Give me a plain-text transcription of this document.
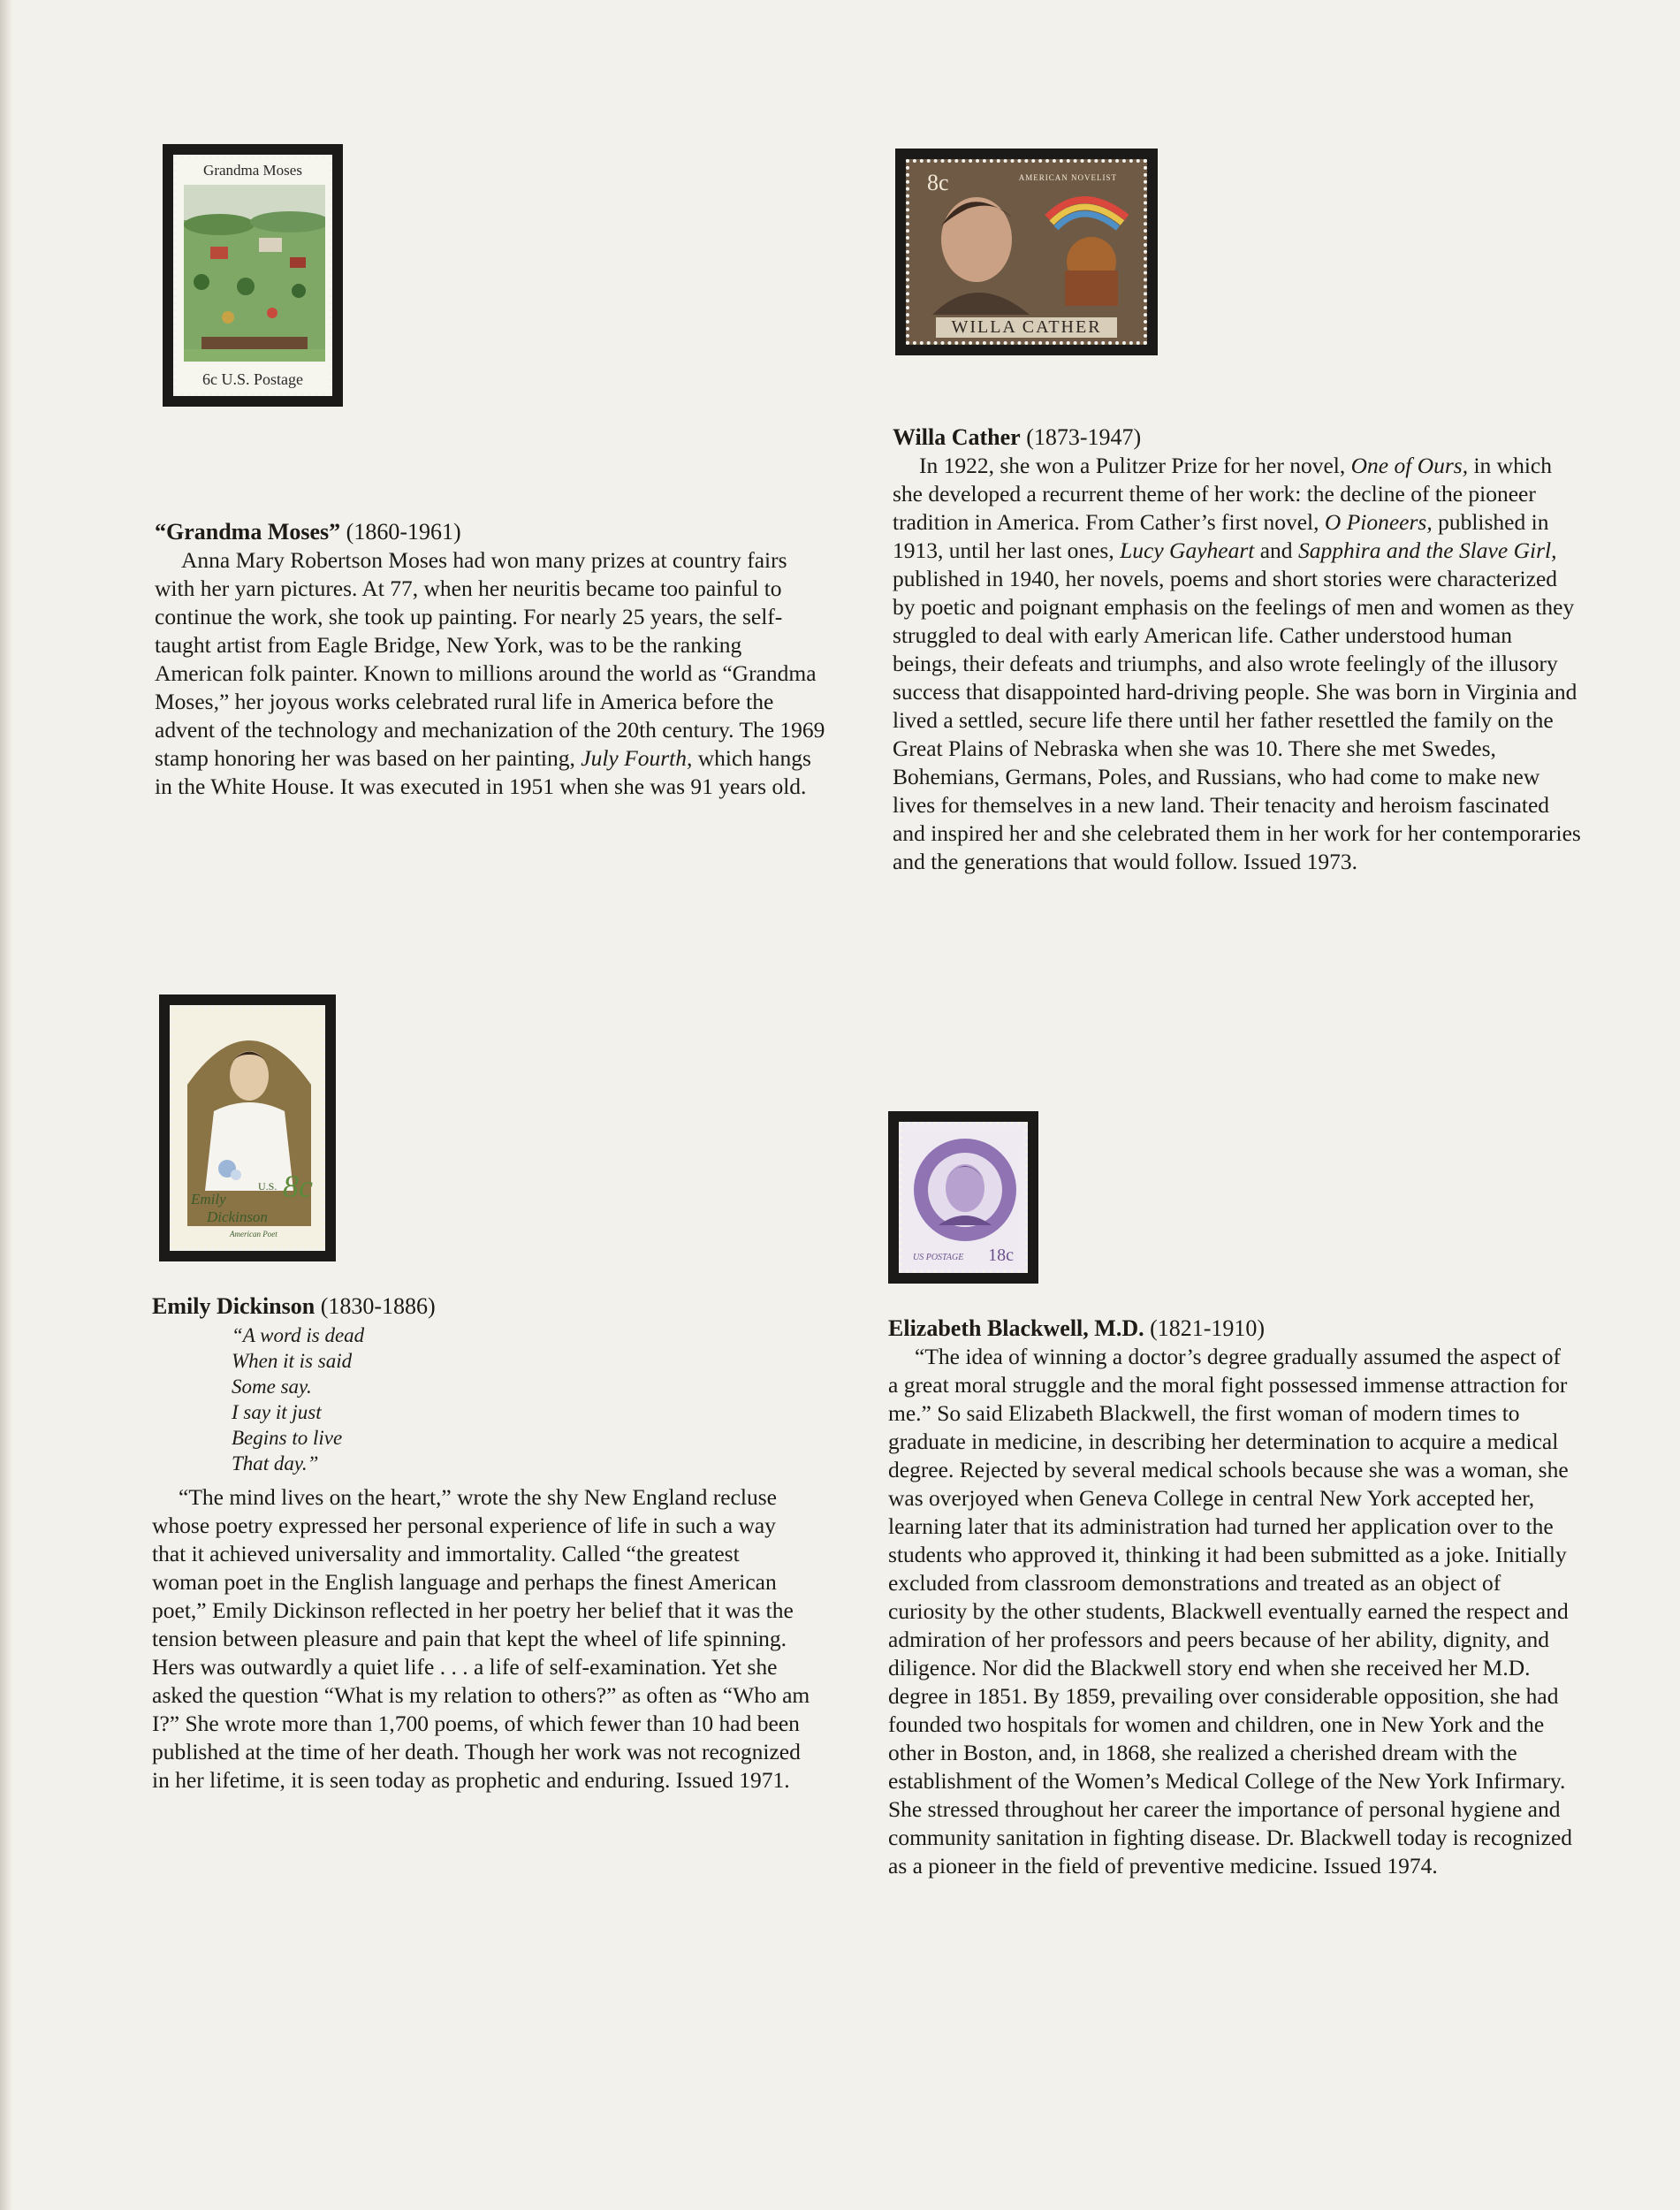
Grandma Moses
6c U.S. Postage
8c	AMERICAN NOVELIST
WILLA CATHER
U.S. 8c
Emily
Dickinson
American Poet
US POSTAGE 18c

“Grandma Moses” (1860-1961)

Anna Mary Robertson Moses had won many prizes at country fairs with her yarn pictures. At 77, when her neuritis became too painful to continue the work, she took up painting. For nearly 25 years, the self-taught artist from Eagle Bridge, New York, was to be the ranking American folk painter. Known to millions around the world as “Grandma Moses,” her joyous works celebrated rural life in America before the advent of the technology and mechanization of the 20th century. The 1969 stamp honoring her was based on her painting, July Fourth, which hangs in the White House. It was executed in 1951 when she was 91 years old.

Willa Cather (1873-1947)

In 1922, she won a Pulitzer Prize for her novel, One of Ours, in which she developed a recurrent theme of her work: the decline of the pioneer tradition in America. From Cather’s first novel, O Pioneers, published in 1913, until her last ones, Lucy Gayheart and Sapphira and the Slave Girl, published in 1940, her novels, poems and short stories were characterized by poetic and poignant emphasis on the feelings of men and women as they struggled to deal with early American life. Cather understood human beings, their defeats and triumphs, and also wrote feelingly of the illusory success that disappointed hard-driving people. She was born in Virginia and lived a settled, secure life there until her father resettled the family on the Great Plains of Nebraska when she was 10. There she met Swedes, Bohemians, Germans, Poles, and Russians, who had come to make new lives for themselves in a new land. Their tenacity and heroism fascinated and inspired her and she celebrated them in her work for her contemporaries and the generations that would follow. Issued 1973.

Emily Dickinson (1830-1886)

“A word is dead
When it is said
Some say.
I say it just
Begins to live
That day.”

“The mind lives on the heart,” wrote the shy New England recluse whose poetry expressed her personal experience of life in such a way that it achieved universality and immortality. Called “the greatest woman poet in the English language and perhaps the finest American poet,” Emily Dickinson reflected in her poetry her belief that it was the tension between pleasure and pain that kept the wheel of life spinning. Hers was outwardly a quiet life . . . a life of self-examination. Yet she asked the question “What is my relation to others?” as often as “Who am I?” She wrote more than 1,700 poems, of which fewer than 10 had been published at the time of her death. Though her work was not recognized in her lifetime, it is seen today as prophetic and enduring. Issued 1971.

Elizabeth Blackwell, M.D. (1821-1910)

“The idea of winning a doctor’s degree gradually assumed the aspect of a great moral struggle and the moral fight possessed immense attraction for me.” So said Elizabeth Blackwell, the first woman of modern times to graduate in medicine, in describing her determination to acquire a medical degree. Rejected by several medical schools because she was a woman, she was overjoyed when Geneva College in central New York accepted her, learning later that its administration had turned her application over to the students who approved it, thinking it had been submitted as a joke. Initially excluded from classroom demonstrations and treated as an object of curiosity by the other students, Blackwell eventually earned the respect and admiration of her professors and peers because of her ability, dignity, and diligence. Nor did the Blackwell story end when she received her M.D. degree in 1851. By 1859, prevailing over considerable opposition, she had founded two hospitals for women and children, one in New York and the other in Boston, and, in 1868, she realized a cherished dream with the establishment of the Women’s Medical College of the New York Infirmary. She stressed throughout her career the importance of personal hygiene and community sanitation in fighting disease. Dr. Blackwell today is recognized as a pioneer in the field of preventive medicine. Issued 1974.
